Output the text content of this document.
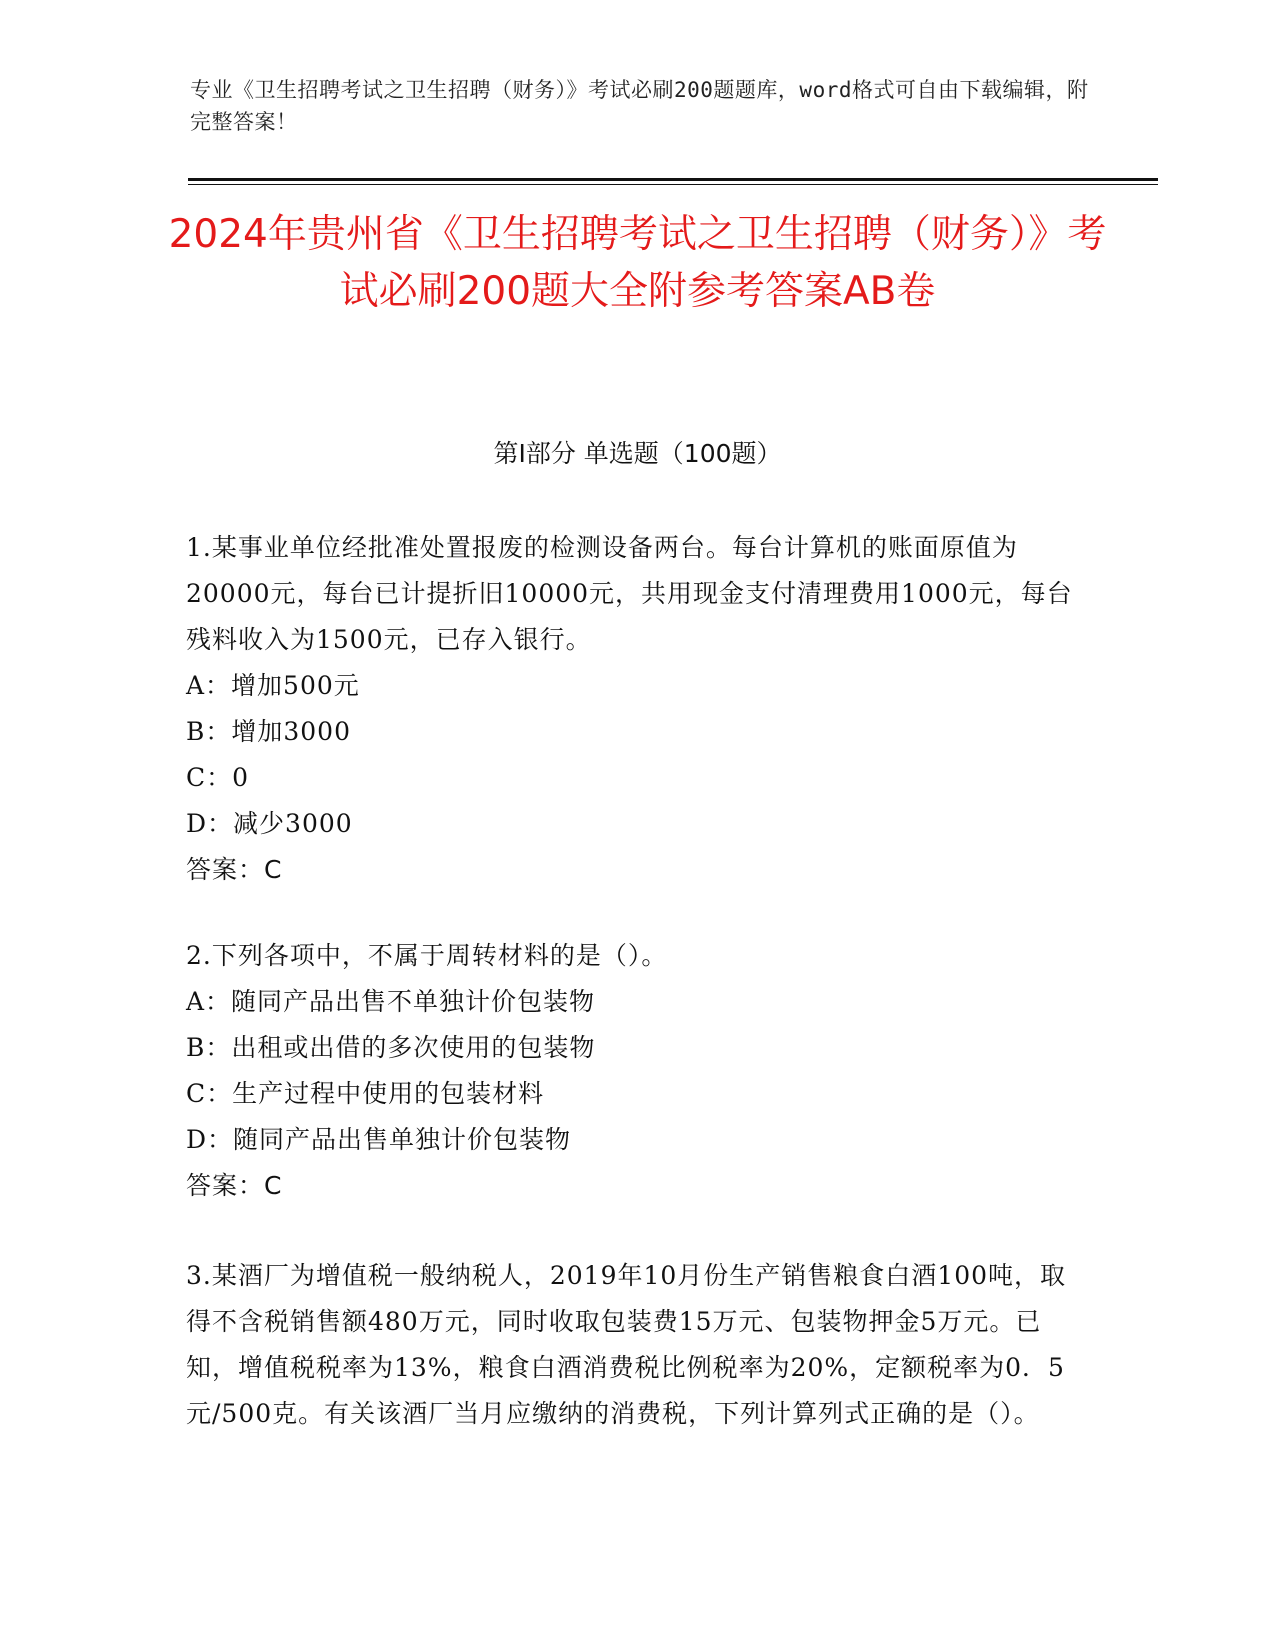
专业《卫生招聘考试之卫生招聘（财务）》考试必刷200题题库，word格式可自由下载编辑，附完整答案！
2024年贵州省《卫生招聘考试之卫生招聘（财务）》考试必刷200题大全附参考答案AB卷
第Ⅰ部分 单选题（100题）

1.某事业单位经批准处置报废的检测设备两台。每台计算机的账面原值为20000元，每台已计提折旧10000元，共用现金支付清理费用1000元，每台残料收入为1500元，已存入银行。

A：增加500元

B：增加3000

C：0

D：减少3000

答案：C

2.下列各项中，不属于周转材料的是（）。

A：随同产品出售不单独计价包装物

B：出租或出借的多次使用的包装物

C：生产过程中使用的包装材料

D：随同产品出售单独计价包装物

答案：C

3.某酒厂为增值税一般纳税人，2019年10月份生产销售粮食白酒100吨，取得不含税销售额480万元，同时收取包装费15万元、包装物押金5万元。已知，增值税税率为13%，粮食白酒消费税比例税率为20%，定额税率为0．5元/500克。有关该酒厂当月应缴纳的消费税，下列计算列式正确的是（）。
